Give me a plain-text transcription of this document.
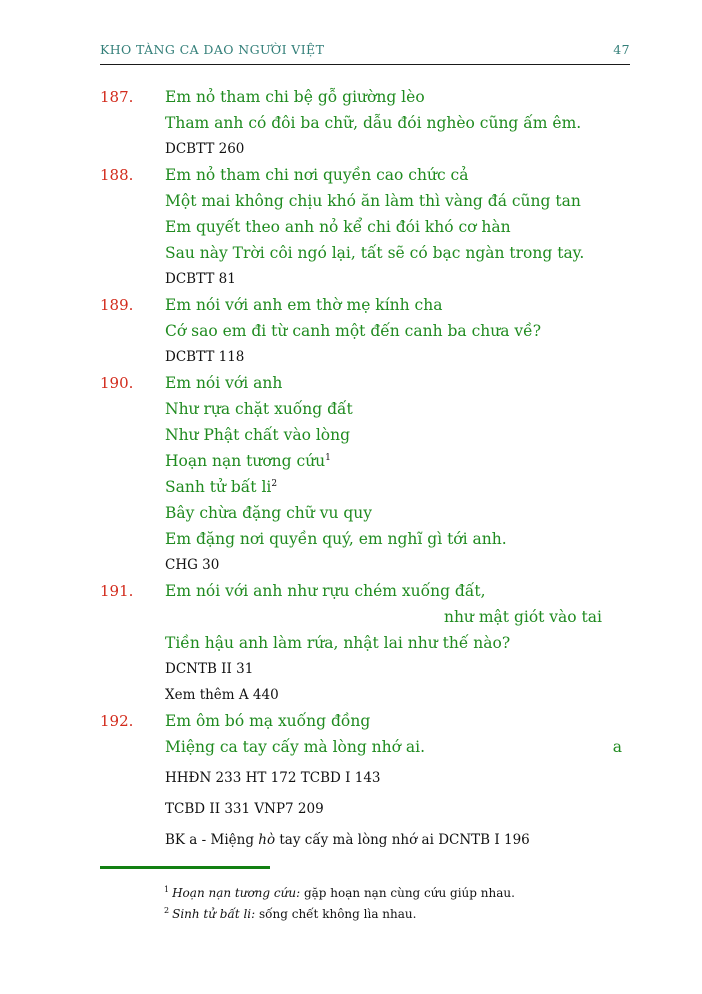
KHO TÀNG CA DAO NGƯỜI VIỆT	47
187.	Em nỏ tham chi bệ gỗ giường lèo
Tham anh có đôi ba chữ, dẫu đói nghèo cũng ấm êm.
DCBTT 260
188.	Em nỏ tham chi nơi quyền cao chức cả
Một mai không chịu khó ăn làm thì vàng đá cũng tan
Em quyết theo anh nỏ kể chi đói khó cơ hàn
Sau này Trời côi ngó lại, tất sẽ có bạc ngàn trong tay.
DCBTT 81
189.	Em nói với anh em thờ mẹ kính cha
Cớ sao em đi từ canh một đến canh ba chưa về?
DCBTT 118
190.	Em nói với anh
Như rựa chặt xuống đất
Như Phật chất vào lòng
Hoạn nạn tương cứu$^1$
Sanh tử bất $li^2$
Bây chừa đặng chữ vu quy
Em đặng nơi quyền quý, em nghĩ gì tới anh.
CHG 30
191.	Em nói với anh như rựu chém xuống đất,
như mật giót vào tai
Tiền hậu anh làm rứa, nhật lai như thế nào?
DCNTB II 31
Xem thêm A 440
192.	Em ôm bó mạ xuống đồng
Miệng ca tay cấy mà lòng nhớ ai.	a
HHĐN 233 HT 172 TCBD I 143
TCBD II 331 VNP7 209
BK a - Miệng hò tay cấy mà lòng nhớ ai DCNTB I 196
$^1$ Hoạn nạn tương cứu: gặp hoạn nạn cùng cứu giúp nhau.
$^2$ Sinh tử bất li: sống chết không lìa nhau.
